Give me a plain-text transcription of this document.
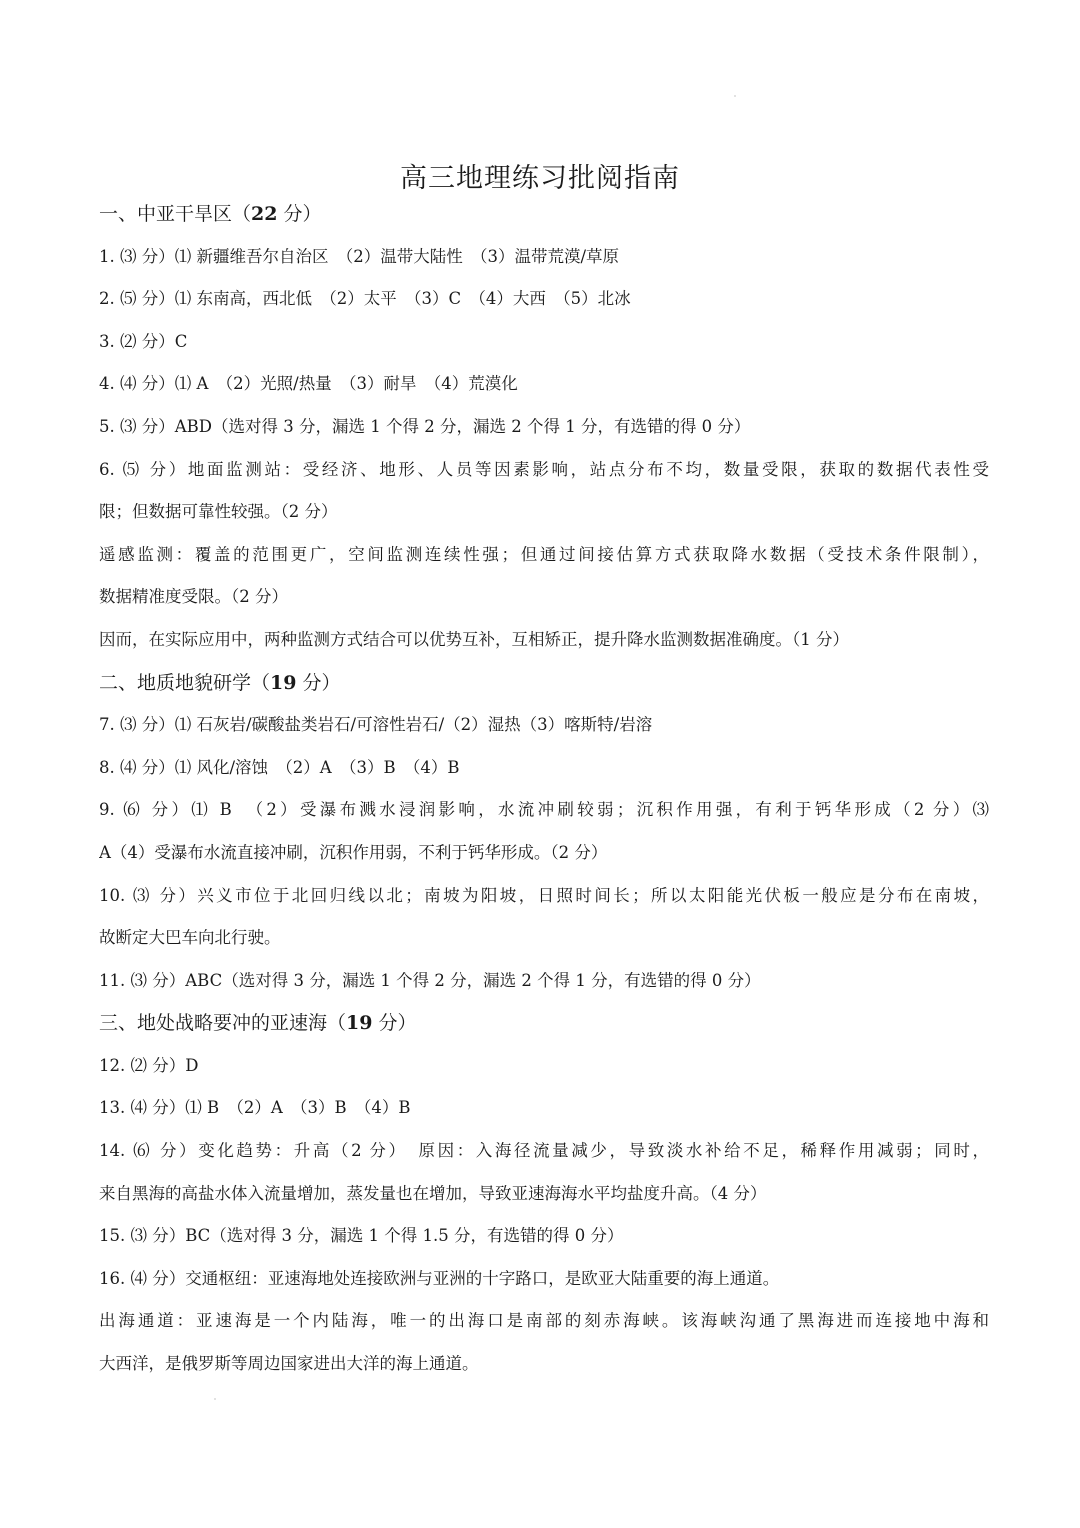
高三地理练习批阅指南
一、中亚干旱区（22 分）
1. ⑶ 分）⑴ 新疆维吾尔自治区　（2）温带大陆性　（3）温带荒漠/草原
2. ⑸ 分）⑴ 东南高，西北低　（2）太平　（3）C　（4）大西　（5）北冰
3. ⑵ 分）C
4. ⑷ 分）⑴ A　（2）光照/热量　（3）耐旱　（4）荒漠化
5. ⑶ 分）ABD（选对得 3 分，漏选 1 个得 2 分，漏选 2 个得 1 分，有选错的得 0 分）
6. ⑸ 分）地面监测站：受经济、地形、人员等因素影响，站点分布不均，数量受限，获取的数据代表性受
限；但数据可靠性较强。（2 分）
遥感监测：覆盖的范围更广，空间监测连续性强；但通过间接估算方式获取降水数据（受技术条件限制），
数据精准度受限。（2 分）
因而，在实际应用中，两种监测方式结合可以优势互补，互相矫正，提升降水监测数据准确度。（1 分）
二、地质地貌研学（19 分）
7. ⑶ 分）⑴ 石灰岩/碳酸盐类岩石/可溶性岩石/（2）湿热（3）喀斯特/岩溶
8. ⑷ 分）⑴ 风化/溶蚀　（2）A　（3）B　（4）B
9. ⑹ 分）⑴ B　（2）受瀑布溅水浸润影响，水流冲刷较弱；沉积作用强，有利于钙华形成（2 分）⑶
A（4）受瀑布水流直接冲刷，沉积作用弱，不利于钙华形成。（2 分）
10. ⑶ 分）兴义市位于北回归线以北；南坡为阳坡，日照时间长；所以太阳能光伏板一般应是分布在南坡，
故断定大巴车向北行驶。
11. ⑶ 分）ABC（选对得 3 分，漏选 1 个得 2 分，漏选 2 个得 1 分，有选错的得 0 分）
三、地处战略要冲的亚速海（19 分）
12. ⑵ 分）D
13. ⑷ 分）⑴ B　（2）A　（3）B　（4）B
14. ⑹ 分）变化趋势：升高（2 分）　原因：入海径流量减少，导致淡水补给不足，稀释作用减弱；同时，
来自黑海的高盐水体入流量增加，蒸发量也在增加，导致亚速海海水平均盐度升高。（4 分）
15. ⑶ 分）BC（选对得 3 分，漏选 1 个得 1.5 分，有选错的得 0 分）
16. ⑷ 分）交通枢纽：亚速海地处连接欧洲与亚洲的十字路口，是欧亚大陆重要的海上通道。
出海通道：亚速海是一个内陆海，唯一的出海口是南部的刻赤海峡。该海峡沟通了黑海进而连接地中海和
大西洋，是俄罗斯等周边国家进出大洋的海上通道。
